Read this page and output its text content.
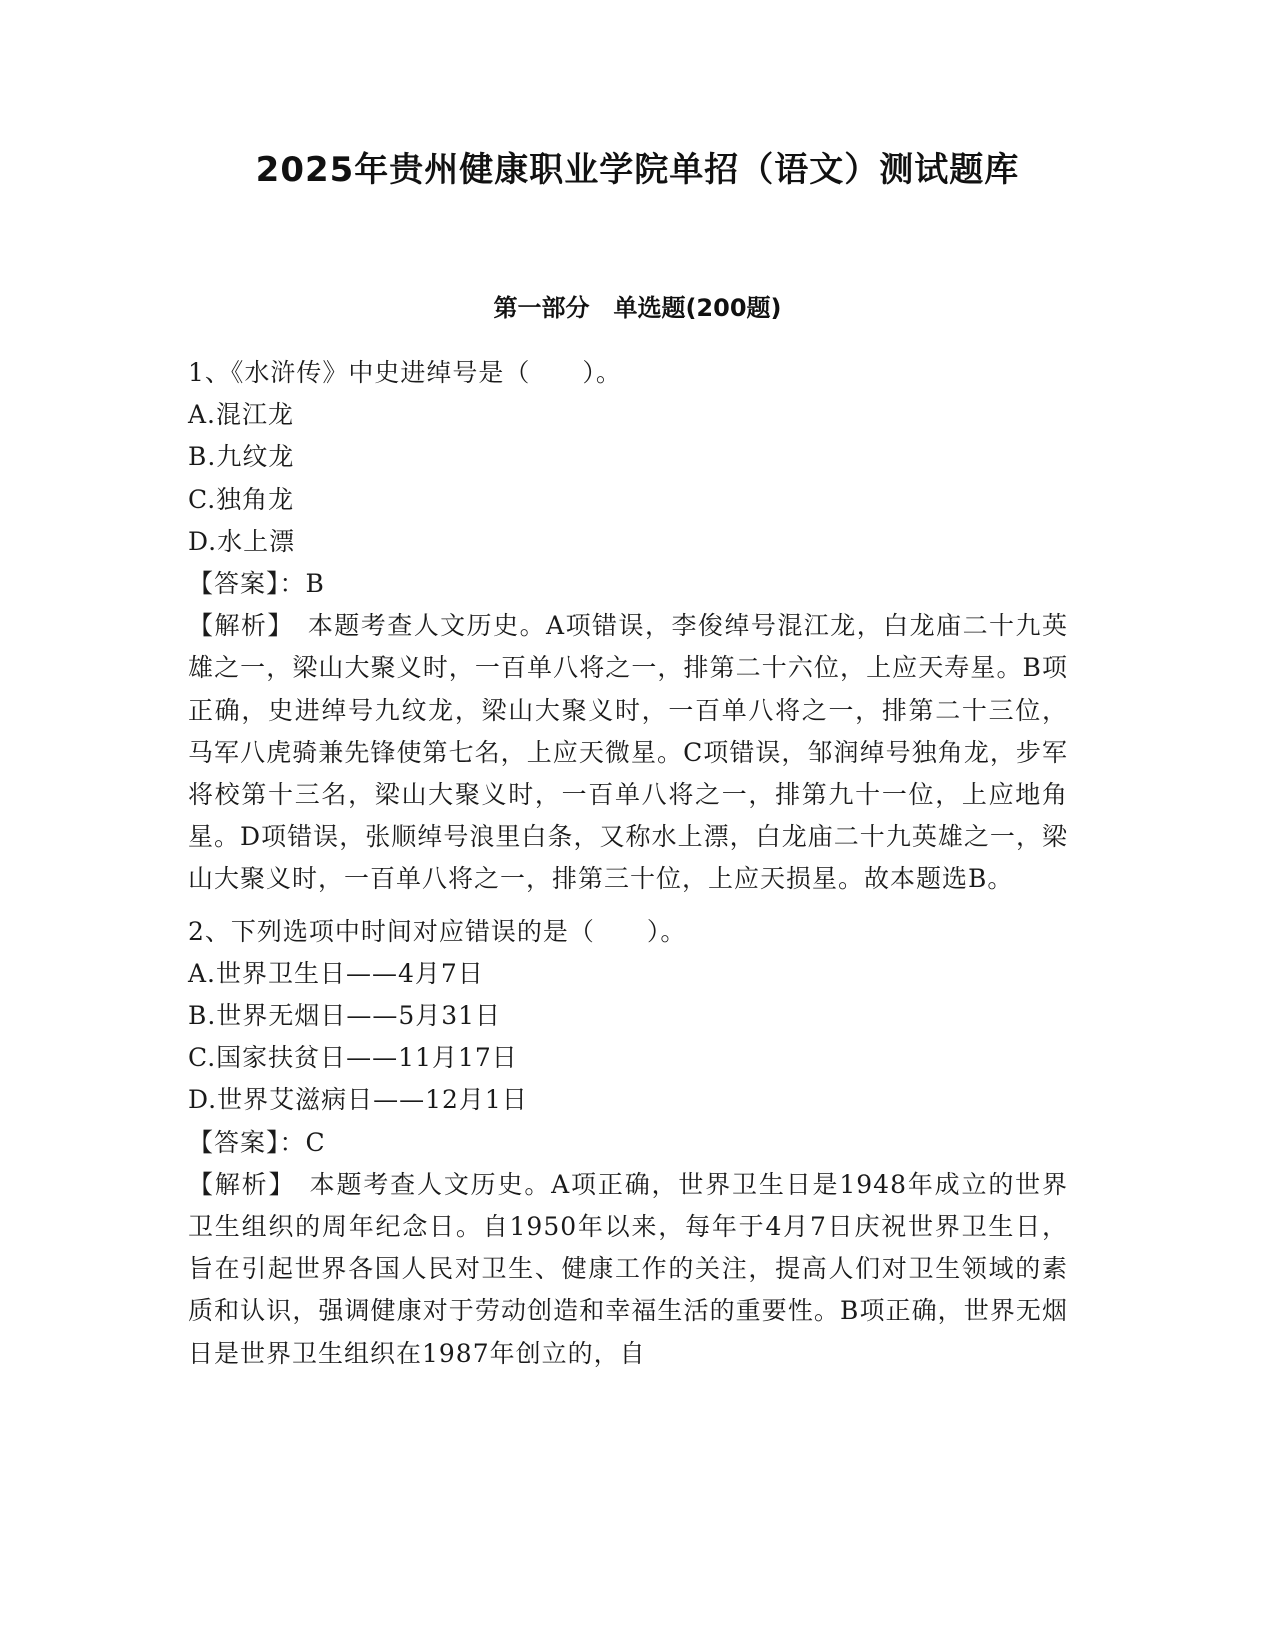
2025年贵州健康职业学院单招（语文）测试题库
第一部分　单选题(200题)
1、《水浒传》中史进绰号是（　　）。
A.混江龙
B.九纹龙
C.独角龙
D.水上漂
【答案】：B
【解析】　本题考查人文历史。A项错误，李俊绰号混江龙，白龙庙二十九英雄之一，梁山大聚义时，一百单八将之一，排第二十六位，上应天寿星。B项正确，史进绰号九纹龙，梁山大聚义时，一百单八将之一，排第二十三位，马军八虎骑兼先锋使第七名，上应天微星。C项错误，邹润绰号独角龙，步军将校第十三名，梁山大聚义时，一百单八将之一，排第九十一位，上应地角星。D项错误，张顺绰号浪里白条，又称水上漂，白龙庙二十九英雄之一，梁山大聚义时，一百单八将之一，排第三十位，上应天损星。故本题选B。
2、下列选项中时间对应错误的是（　　）。
A.世界卫生日——4月7日
B.世界无烟日——5月31日
C.国家扶贫日——11月17日
D.世界艾滋病日——12月1日
【答案】：C
【解析】　本题考查人文历史。A项正确，世界卫生日是1948年成立的世界卫生组织的周年纪念日。自1950年以来，每年于4月7日庆祝世界卫生日，旨在引起世界各国人民对卫生、健康工作的关注，提高人们对卫生领域的素质和认识，强调健康对于劳动创造和幸福生活的重要性。B项正确，世界无烟日是世界卫生组织在1987年创立的，自
